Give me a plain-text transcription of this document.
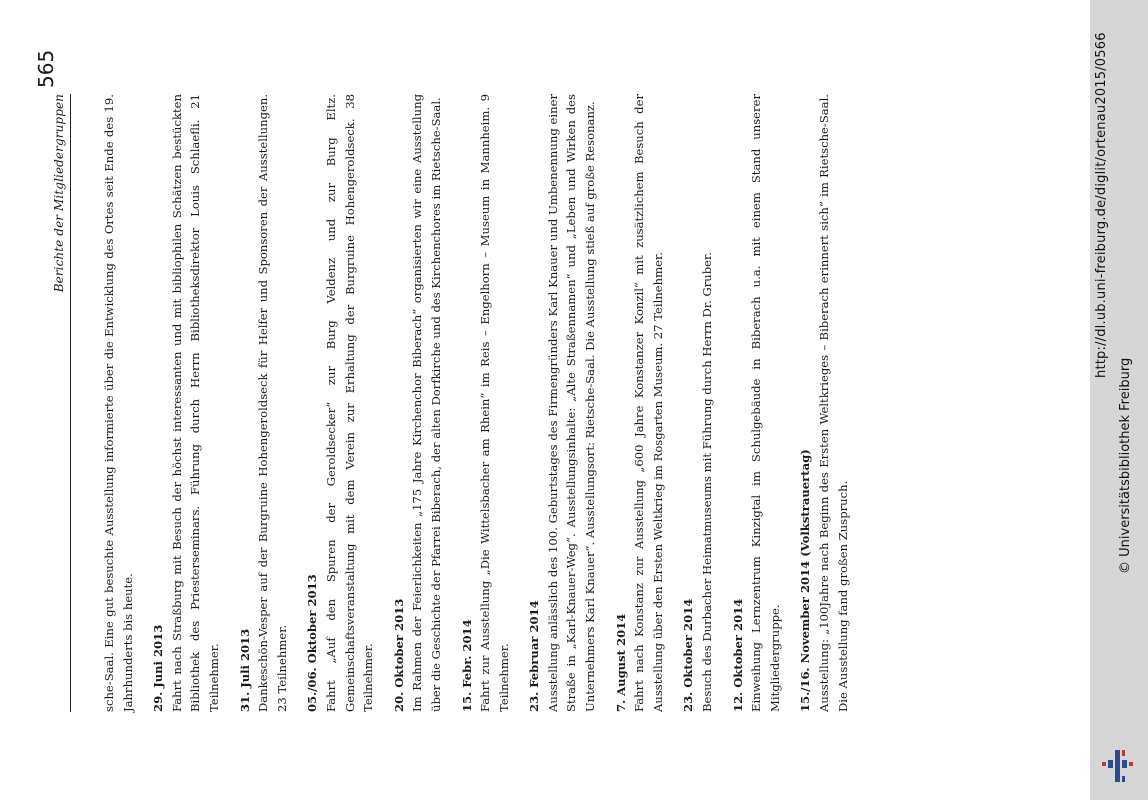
Berichte der Mitgliedergruppen
565

sche-Saal. Eine gut besuchte Ausstellung informierte über die Entwicklung des Ortes seit Ende des 19. Jahrhunderts bis heute. 29. Juni 2013 Fahrt nach Straßburg mit Besuch der höchst interessanten und mit bibliophilen Schätzen bestückten Bibliothek des Priesterseminars. Führung durch Herrn Bibliotheksdirektor Louis Schlaefli. 21 Teilnehmer. 31. Juli 2013 Dankeschön-Vesper auf der Burgruine Hohengeroldseck für Helfer und Sponsoren der Ausstellungen. 23 Teilnehmer. 05./06. Oktober 2013 Fahrt „Auf den Spuren der Geroldsecker“ zur Burg Veldenz und zur Burg Eltz. Gemeinschaftsveranstaltung mit dem Verein zur Erhaltung der Burgruine Hohengeroldseck. 38 Teilnehmer. 20. Oktober 2013 Im Rahmen der Feierlichkeiten „175 Jahre Kirchenchor Biberach“ organisierten wir eine Ausstellung über die Geschichte der Pfarrei Biberach, der alten Dorfkirche und des Kirchenchores im Rietsche-Saal. 15. Febr. 2014 Fahrt zur Ausstellung „Die Wittelsbacher am Rhein“ im Reis – Engelhorn – Museum in Mannheim. 9 Teilnehmer. 23. Februar 2014 Ausstellung anlässlich des 100. Geburtstages des Firmengründers Karl Knauer und Umbenennung einer Straße in „Karl-Knauer-Weg“. Ausstellungsinhalte: „Alte Straßennamen“ und „Leben und Wirken des Unternehmers Karl Knauer“. Ausstellungsort: Rietsche-Saal. Die Ausstellung stieß auf große Resonanz. 7. August 2014 Fahrt nach Konstanz zur Ausstellung „600 Jahre Konstanzer Konzil“ mit zusätzlichem Besuch der Ausstellung über den Ersten Weltkrieg im Rosgarten Museum. 27 Teilnehmer. 23. Oktober 2014 Besuch des Durbacher Heimatmuseums mit Führung durch Herrn Dr. Gruber. 12. Oktober 2014 Einweihung Lernzentrum Kinzigtal im Schulgebäude in Biberach u.a. mit einem Stand unserer Mitgliedergruppe. 15./16. November 2014 (Volkstrauertag) Ausstellung: „100Jahre nach Beginn des Ersten Weltkrieges – Biberach erinnert sich“ im Rietsche-Saal. Die Ausstellung fand großen Zuspruch.

http://dl.ub.uni-freiburg.de/diglit/ortenau2015/0566
© Universitätsbibliothek Freiburg
